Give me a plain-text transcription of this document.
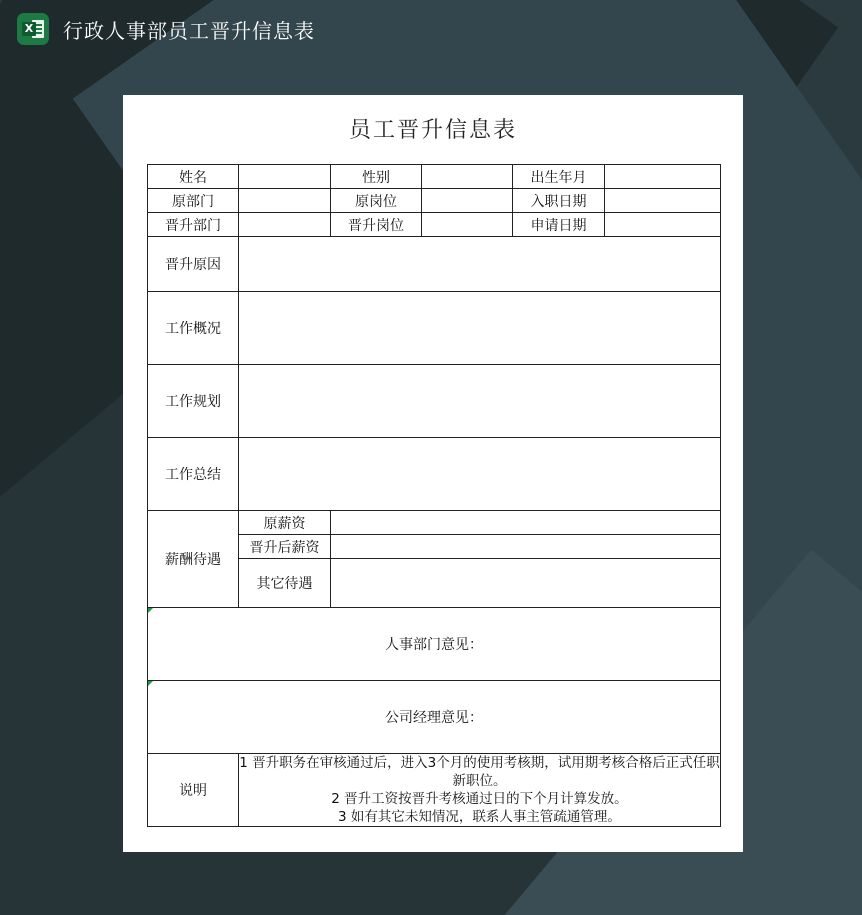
X 行政人事部员工晋升信息表
员工晋升信息表
姓名		性别		出生年月	
原部门		原岗位		入职日期	
晋升部门		晋升岗位		申请日期	
晋升原因					
工作概况					
工作规划					
工作总结					
薪酬待遇	原薪资				
	晋升后薪资				
	其它待遇				

人事部门意见：					

公司经理意见：					
说明	1 晋升职务在审核通过后，进入3个月的使用考核期，试用期考核合格后正式任职新职位。
2 晋升工资按晋升考核通过日的下个月计算发放。
3 如有其它未知情况，联系人事主管疏通管理。				
